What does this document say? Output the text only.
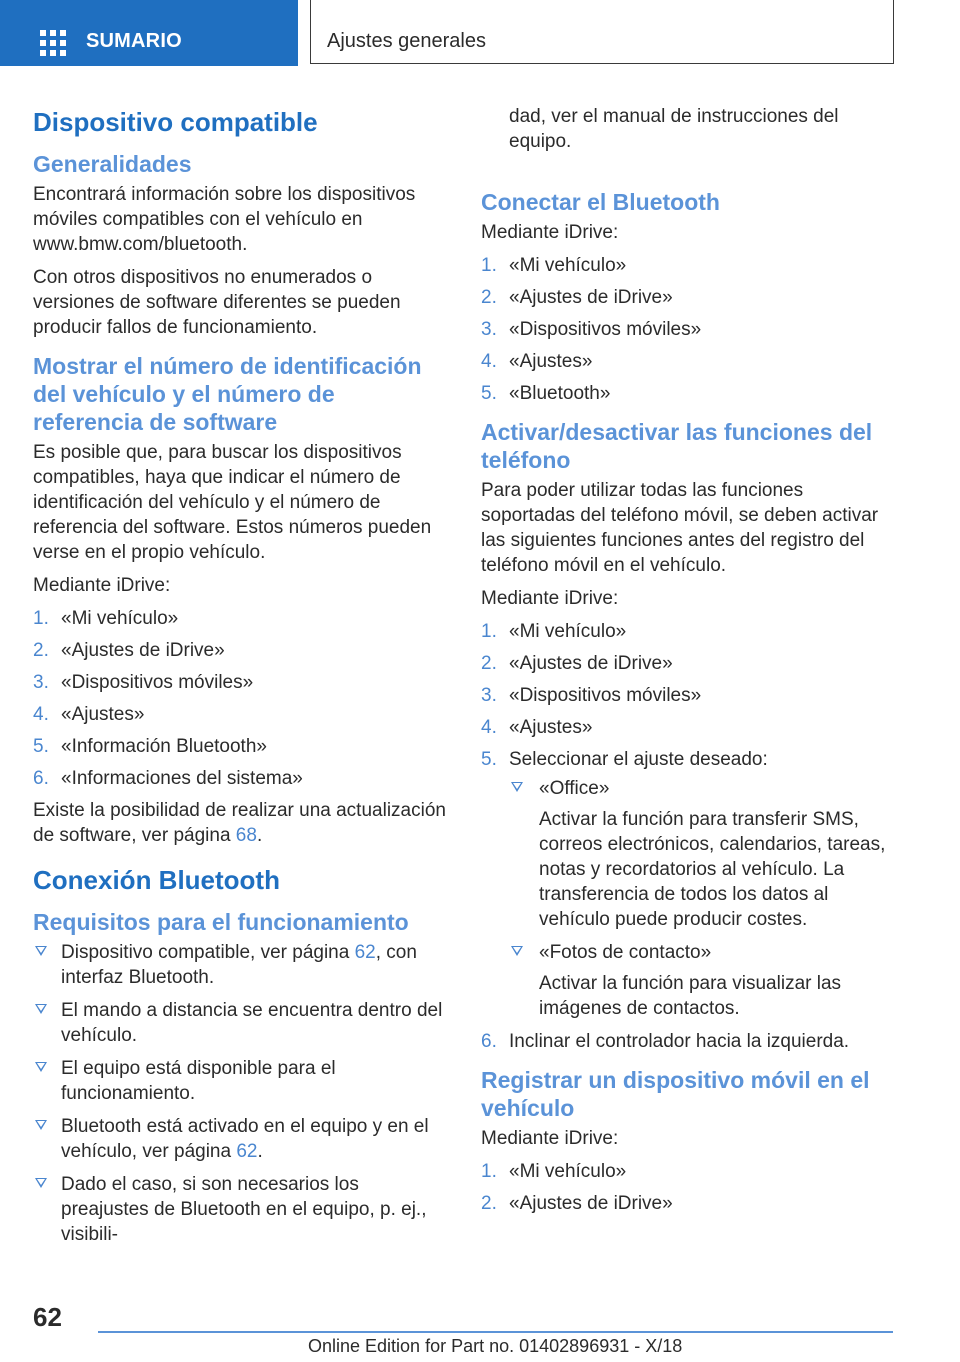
SUMARIO	Ajustes generales
Dispositivo compatible
Generalidades

Encontrará información sobre los dispositivos móviles compatibles con el vehículo en www.bmw.com/bluetooth.

Con otros dispositivos no enumerados o versiones de software diferentes se pueden producir fallos de funcionamiento.

Mostrar el número de identificación del vehículo y el número de referencia de software

Es posible que, para buscar los dispositivos compatibles, haya que indicar el número de identificación del vehículo y el número de referencia del software. Estos números pueden verse en el propio vehículo.

Mediante iDrive:

1. «Mi vehículo»
2. «Ajustes de iDrive»
3. «Dispositivos móviles»
4. «Ajustes»
5. «Información Bluetooth»
6. «Informaciones del sistema»

Existe la posibilidad de realizar una actualización de software, ver página 68.

Conexión Bluetooth
Requisitos para el funcionamiento
Dispositivo compatible, ver página 62, con interfaz Bluetooth.
El mando a distancia se encuentra dentro del vehículo.
El equipo está disponible para el funcionamiento.
Bluetooth está activado en el equipo y en el vehículo, ver página 62.
Dado el caso, si son necesarios los preajustes de Bluetooth en el equipo, p. ej., visibili-

dad, ver el manual de instrucciones del equipo.

Conectar el Bluetooth

Mediante iDrive:

1. «Mi vehículo»
2. «Ajustes de iDrive»
3. «Dispositivos móviles»
4. «Ajustes»
5. «Bluetooth»
Activar/desactivar las funciones del teléfono

Para poder utilizar todas las funciones soportadas del teléfono móvil, se deben activar las siguientes funciones antes del registro del teléfono móvil en el vehículo.

Mediante iDrive:

1. «Mi vehículo»
2. «Ajustes de iDrive»
3. «Dispositivos móviles»
4. «Ajustes»
5. Seleccionar el ajuste deseado:
«Office»
Activar la función para transferir SMS, correos electrónicos, calendarios, tareas, notas y recordatorios al vehículo. La transferencia de todos los datos al vehículo puede producir costes.
«Fotos de contacto»
Activar la función para visualizar las imágenes de contactos.
6. Inclinar el controlador hacia la izquierda.
Registrar un dispositivo móvil en el vehículo

Mediante iDrive:

1. «Mi vehículo»
2. «Ajustes de iDrive»
62
Online Edition for Part no. 01402896931 - X/18
